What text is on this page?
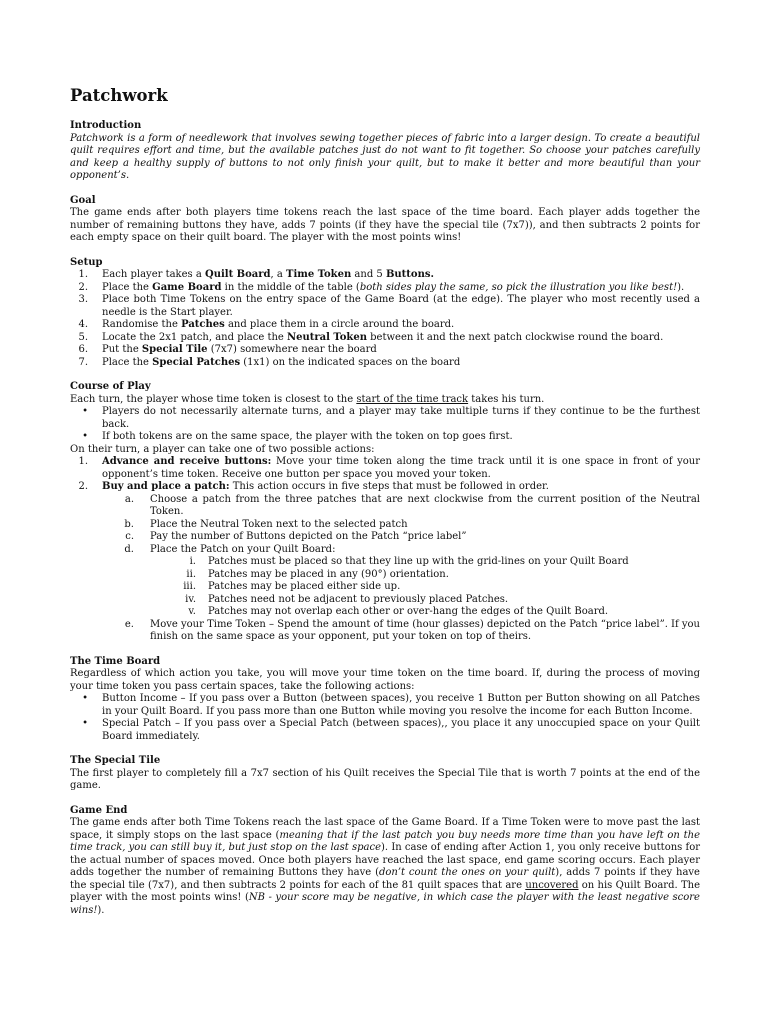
Patchwork
Introduction

Patchwork is a form of needlework that involves sewing together pieces of fabric into a larger design. To create a beautiful quilt requires effort and time, but the available patches just do not want to fit together. So choose your patches carefully and keep a healthy supply of buttons to not only finish your quilt, but to make it better and more beautiful than your opponent’s.

Goal

The game ends after both players time tokens reach the last space of the time board. Each player adds together the number of remaining buttons they have, adds 7 points (if they have the special tile (7x7)), and then subtracts 2 points for each empty space on their quilt board. The player with the most points wins!

Setup
1.	Each player takes a Quilt Board, a Time Token and 5 Buttons.
2.	Place the Game Board in the middle of the table (both sides play the same, so pick the illustration you like best!).
3.	Place both Time Tokens on the entry space of the Game Board (at the edge). The player who most recently used a needle is the Start player.
4.	Randomise the Patches and place them in a circle around the board.
5.	Locate the 2x1 patch, and place the Neutral Token between it and the next patch clockwise round the board.
6.	Put the Special Tile (7x7) somewhere near the board
7.	Place the Special Patches (1x1) on the indicated spaces on the board
Course of Play

Each turn, the player whose time token is closest to the start of the time track takes his turn.

•	Players do not necessarily alternate turns, and a player may take multiple turns if they continue to be the furthest back.
•	If both tokens are on the same space, the player with the token on top goes first.

On their turn, a player can take one of two possible actions:

1.	Advance and receive buttons: Move your time token along the time track until it is one space in front of your opponent’s time token. Receive one button per space you moved your token.
2.	Buy and place a patch: This action occurs in five steps that must be followed in order.
a.	Choose a patch from the three patches that are next clockwise from the current position of the Neutral Token.
b.	Place the Neutral Token next to the selected patch
c.	Pay the number of Buttons depicted on the Patch “price label”
d.	Place the Patch on your Quilt Board:
i.	Patches must be placed so that they line up with the grid-lines on your Quilt Board
ii.	Patches may be placed in any (90°) orientation.
iii.	Patches may be placed either side up.
iv.	Patches need not be adjacent to previously placed Patches.
v.	Patches may not overlap each other or over-hang the edges of the Quilt Board.
e.	Move your Time Token – Spend the amount of time (hour glasses) depicted on the Patch “price label”. If you finish on the same space as your opponent, put your token on top of theirs.
The Time Board

Regardless of which action you take, you will move your time token on the time board. If, during the process of moving your time token you pass certain spaces, take the following actions:

•	Button Income – If you pass over a Button (between spaces), you receive 1 Button per Button showing on all Patches in your Quilt Board. If you pass more than one Button while moving you resolve the income for each Button Income.
•	Special Patch – If you pass over a Special Patch (between spaces),, you place it any unoccupied space on your Quilt Board immediately.
The Special Tile

The first player to completely fill a 7x7 section of his Quilt receives the Special Tile that is worth 7 points at the end of the game.

Game End

The game ends after both Time Tokens reach the last space of the Game Board. If a Time Token were to move past the last space, it simply stops on the last space (meaning that if the last patch you buy needs more time than you have left on the time track, you can still buy it, but just stop on the last space). In case of ending after Action 1, you only receive buttons for the actual number of spaces moved. Once both players have reached the last space, end game scoring occurs. Each player adds together the number of remaining Buttons they have (don’t count the ones on your quilt), adds 7 points if they have the special tile (7x7), and then subtracts 2 points for each of the 81 quilt spaces that are uncovered on his Quilt Board. The player with the most points wins! (NB - your score may be negative, in which case the player with the least negative score wins!).
